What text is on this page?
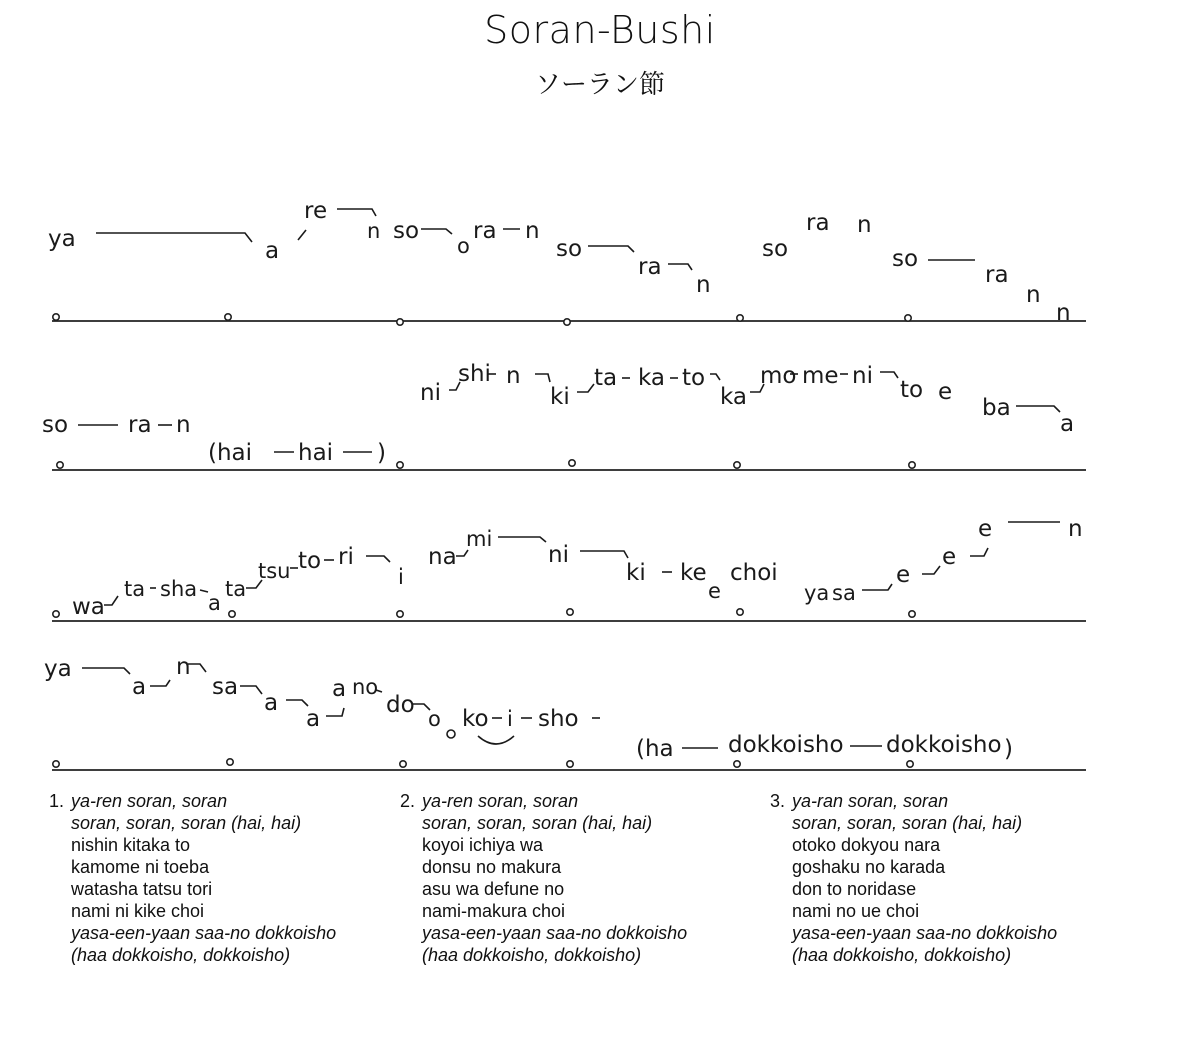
Soran-Bushi
ソーラン節
ya	a
re
n so
o
ra n
so
ra
n
so
ra n
so
ra
n
n
so	ra n
(hai hai )
ni
shi n
ki
ta ka to
ka
mo me ni
to e
ba
a
wa
ta sha
a
ta
tsu to ri
i
na
mi
ni
ki ke
e
choi
ya sa
e
e
e	n
ya
a
n
sa
a
a
a no
do
o ko i sho
(ha dokkoisho dokkoisho )
1. ya-ren soran, soran
soran, soran, soran (hai, hai)
nishin kitaka to
kamome ni toeba
watasha tatsu tori
nami ni kike choi
yasa-een-yaan saa-no dokkoisho
(haa dokkoisho, dokkoisho)
2. ya-ren soran, soran
soran, soran, soran (hai, hai)
koyoi ichiya wa
donsu no makura
asu wa defune no
nami-makura choi
yasa-een-yaan saa-no dokkoisho
(haa dokkoisho, dokkoisho)
3. ya-ran soran, soran
soran, soran, soran (hai, hai)
otoko dokyou nara
goshaku no karada
don to noridase
nami no ue choi
yasa-een-yaan saa-no dokkoisho
(haa dokkoisho, dokkoisho)
